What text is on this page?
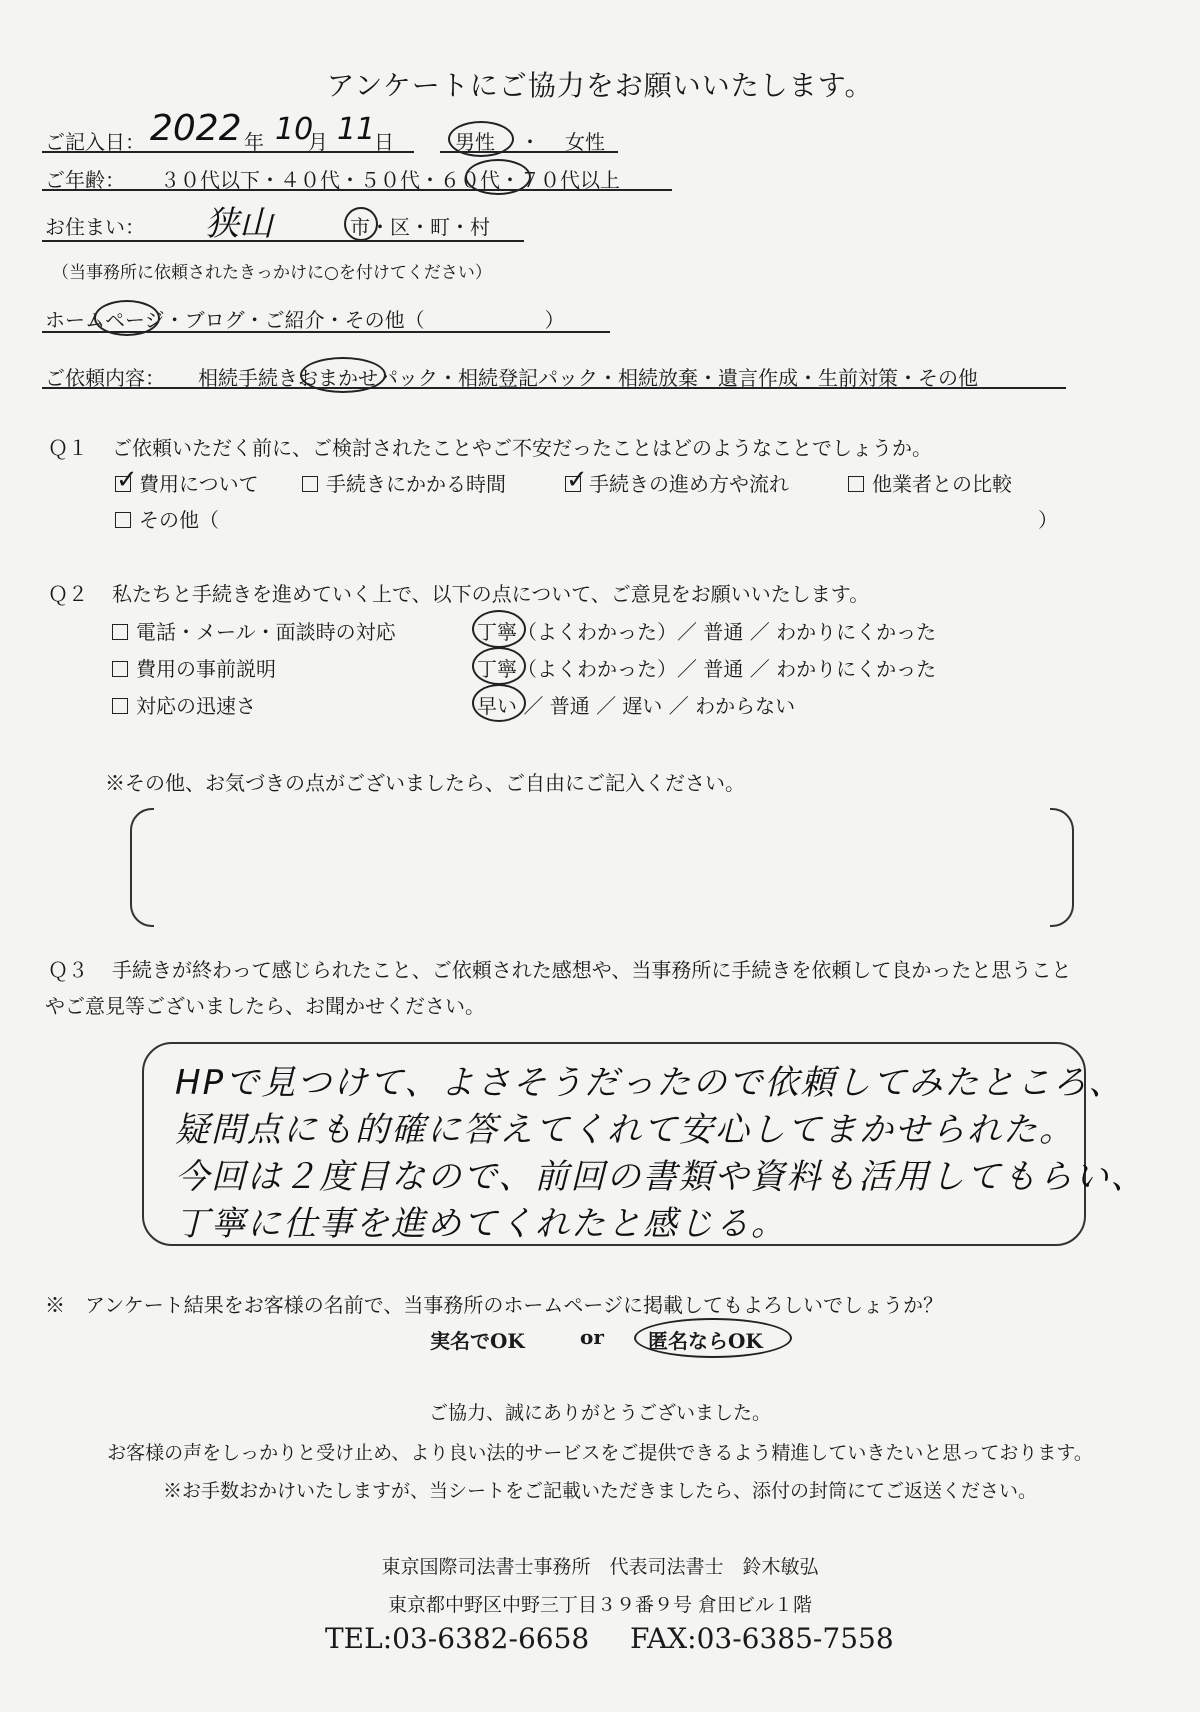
アンケートにご協力をお願いいたします。
ご記入日： 2022 年 10
月 11
日	男性 ・ 女性
ご年齢： ３０代以下・４０代・５０代・６０代・７０代以上
お住まい： 狭山	市・区・町・村
（当事務所に依頼されたきっかけに○を付けてください）
ホームページ・ブログ・ご紹介・その他（　　　　　　）
ご依頼内容： 相続手続きおまかせパック・相続登記パック・相続放棄・遺言作成・生前対策・その他
Ｑ１ ご依頼いただく前に、ご検討されたことやご不安だったことはどのようなことでしょうか。
✓ 費用について	手続きにかかる時間 ✓ 手続きの進め方や流れ	他業者との比較
その他（	）
Ｑ２ 私たちと手続きを進めていく上で、以下の点について、ご意見をお願いいたします。
電話・メール・面談時の対応	丁寧（よくわかった）／ 普通 ／ わかりにくかった
費用の事前説明	丁寧（よくわかった）／ 普通 ／ わかりにくかった
対応の迅速さ	早い ／ 普通 ／ 遅い ／ わからない
※その他、お気づきの点がございましたら、ご自由にご記入ください。
Ｑ３ 手続きが終わって感じられたこと、ご依頼された感想や、当事務所に手続きを依頼して良かったと思うこと
やご意見等ございましたら、お聞かせください。
HPで見つけて、よさそうだったので依頼してみたところ、
疑問点にも的確に答えてくれて安心してまかせられた。
今回は２度目なので、前回の書類や資料も活用してもらい、
丁寧に仕事を進めてくれたと感じる。
※　アンケート結果をお客様の名前で、当事務所のホームページに掲載してもよろしいでしょうか？
実名でOK	or 匿名ならOK
ご協力、誠にありがとうございました。
お客様の声をしっかりと受け止め、より良い法的サービスをご提供できるよう精進していきたいと思っております。
※お手数おかけいたしますが、当シートをご記載いただきましたら、添付の封筒にてご返送ください。
東京国際司法書士事務所　代表司法書士　鈴木敏弘
東京都中野区中野三丁目３９番９号 倉田ビル１階
TEL:03-6382-6658 FAX:03-6385-7558
